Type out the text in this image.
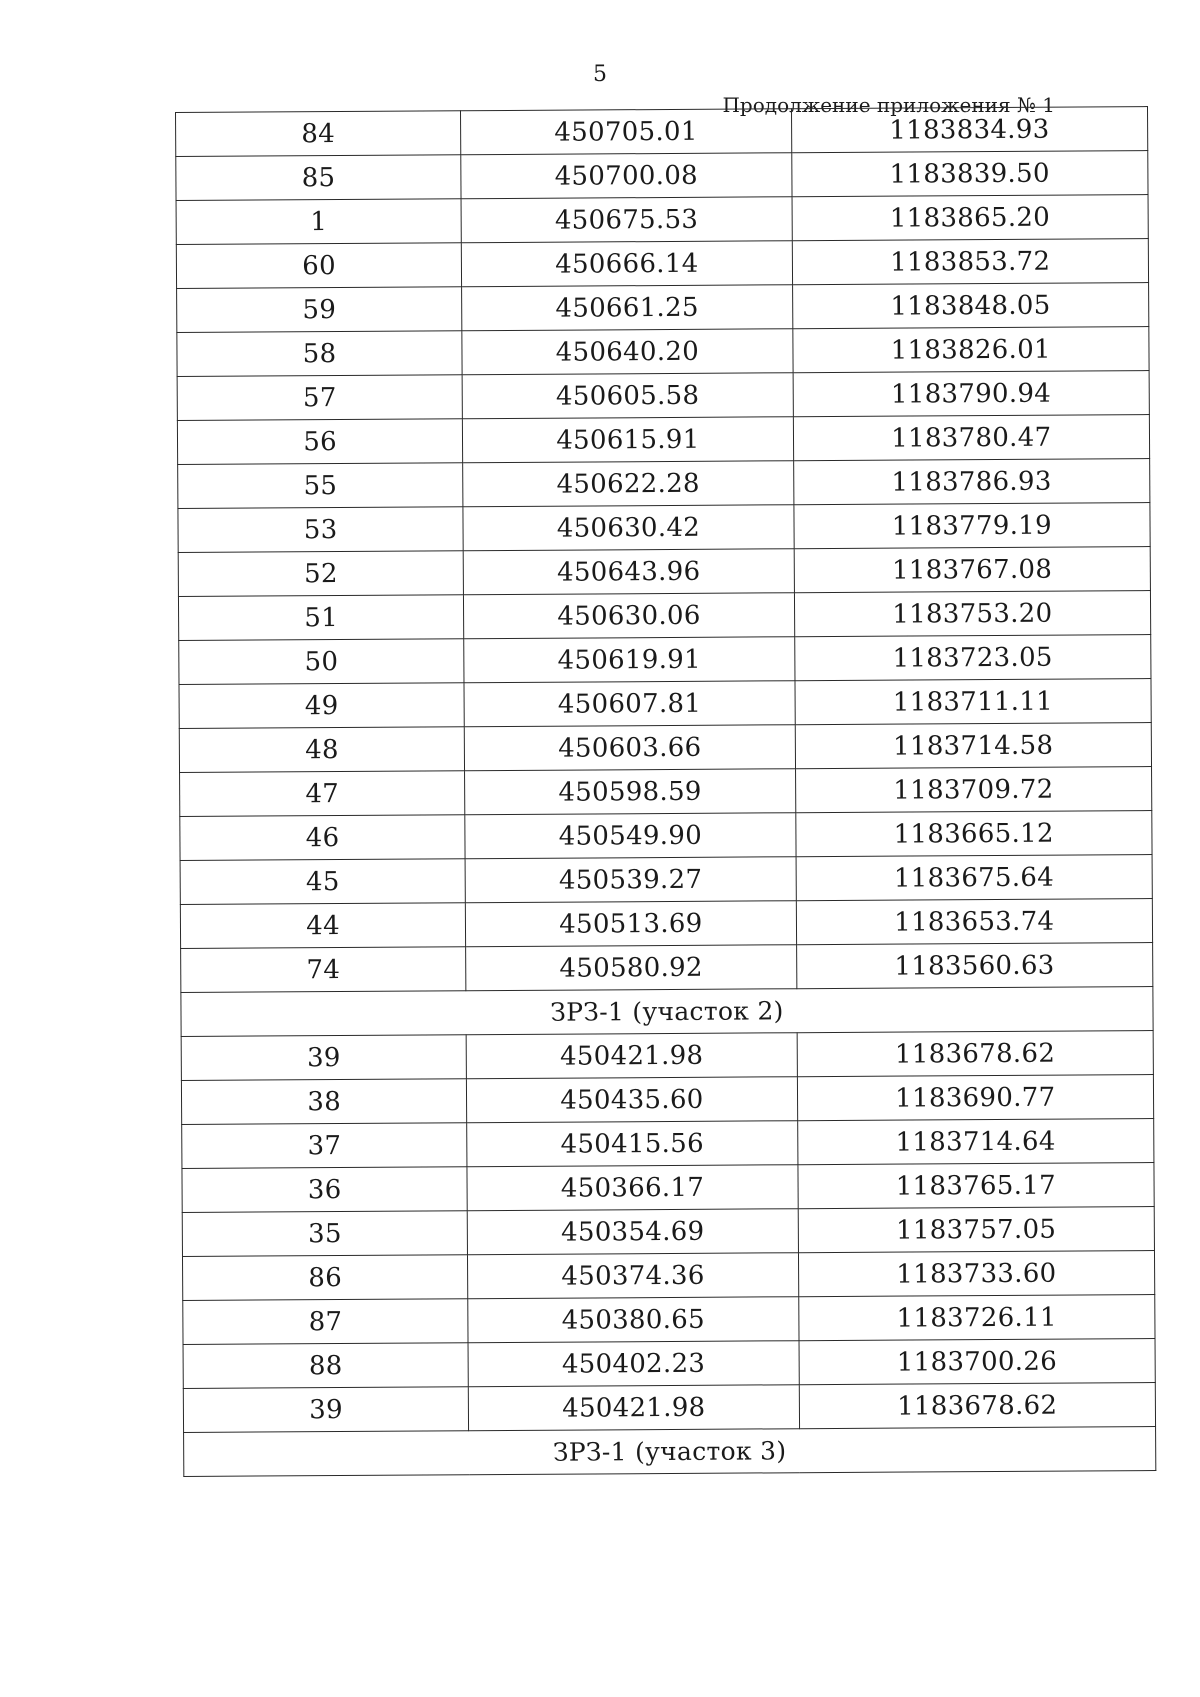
5
Продолжение приложения № 1
84	450705.01	1183834.93
85	450700.08	1183839.50
1	450675.53	1183865.20
60	450666.14	1183853.72
59	450661.25	1183848.05
58	450640.20	1183826.01
57	450605.58	1183790.94
56	450615.91	1183780.47
55	450622.28	1183786.93
53	450630.42	1183779.19
52	450643.96	1183767.08
51	450630.06	1183753.20
50	450619.91	1183723.05
49	450607.81	1183711.11
48	450603.66	1183714.58
47	450598.59	1183709.72
46	450549.90	1183665.12
45	450539.27	1183675.64
44	450513.69	1183653.74
74	450580.92	1183560.63
ЗРЗ-1 (участок 2)		
39	450421.98	1183678.62
38	450435.60	1183690.77
37	450415.56	1183714.64
36	450366.17	1183765.17
35	450354.69	1183757.05
86	450374.36	1183733.60
87	450380.65	1183726.11
88	450402.23	1183700.26
39	450421.98	1183678.62
ЗРЗ-1 (участок 3)		
